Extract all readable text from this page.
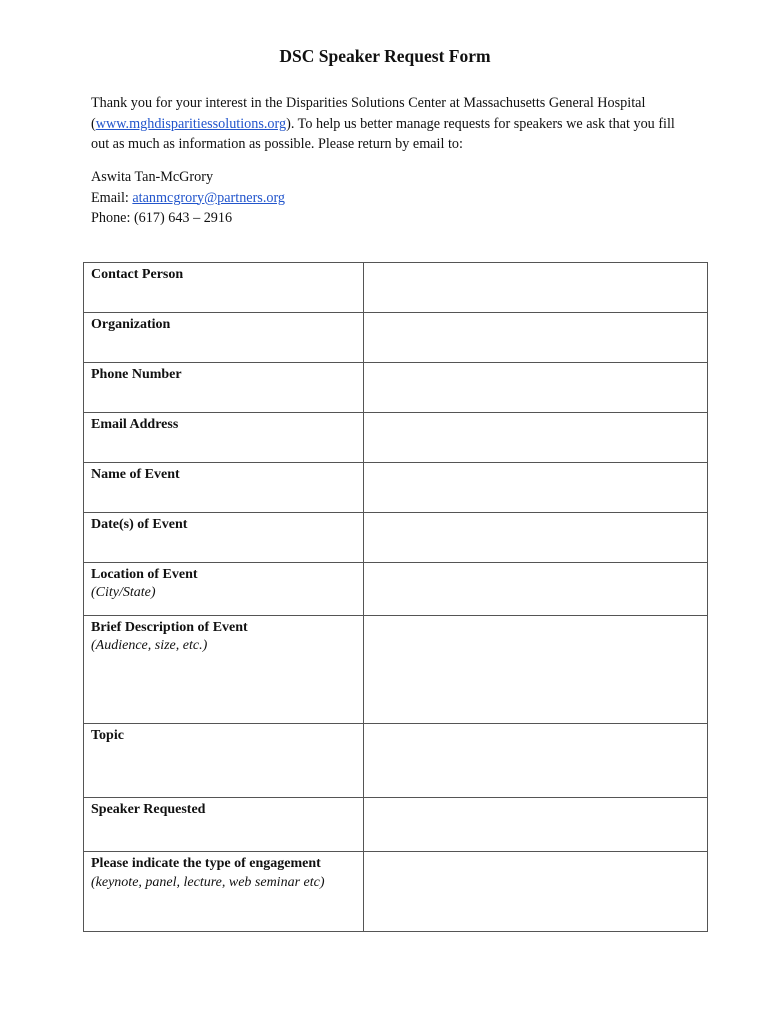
DSC Speaker Request Form
Thank you for your interest in the Disparities Solutions Center at Massachusetts General Hospital (www.mghdisparitiessolutions.org). To help us better manage requests for speakers we ask that you fill out as much as information as possible. Please return by email to:
Aswita Tan-McGrory
Email: atanmcgrory@partners.org
Phone: (617) 643 – 2916
Contact Person	

Organization	

Phone Number	

Email Address	

Name of Event	

Date(s) of Event	

Location of Event
(City/State)	

Brief Description of Event
(Audience, size, etc.)	

Topic	

Speaker Requested	

Please indicate the type of engagement
(keynote, panel, lecture, web seminar etc)	
